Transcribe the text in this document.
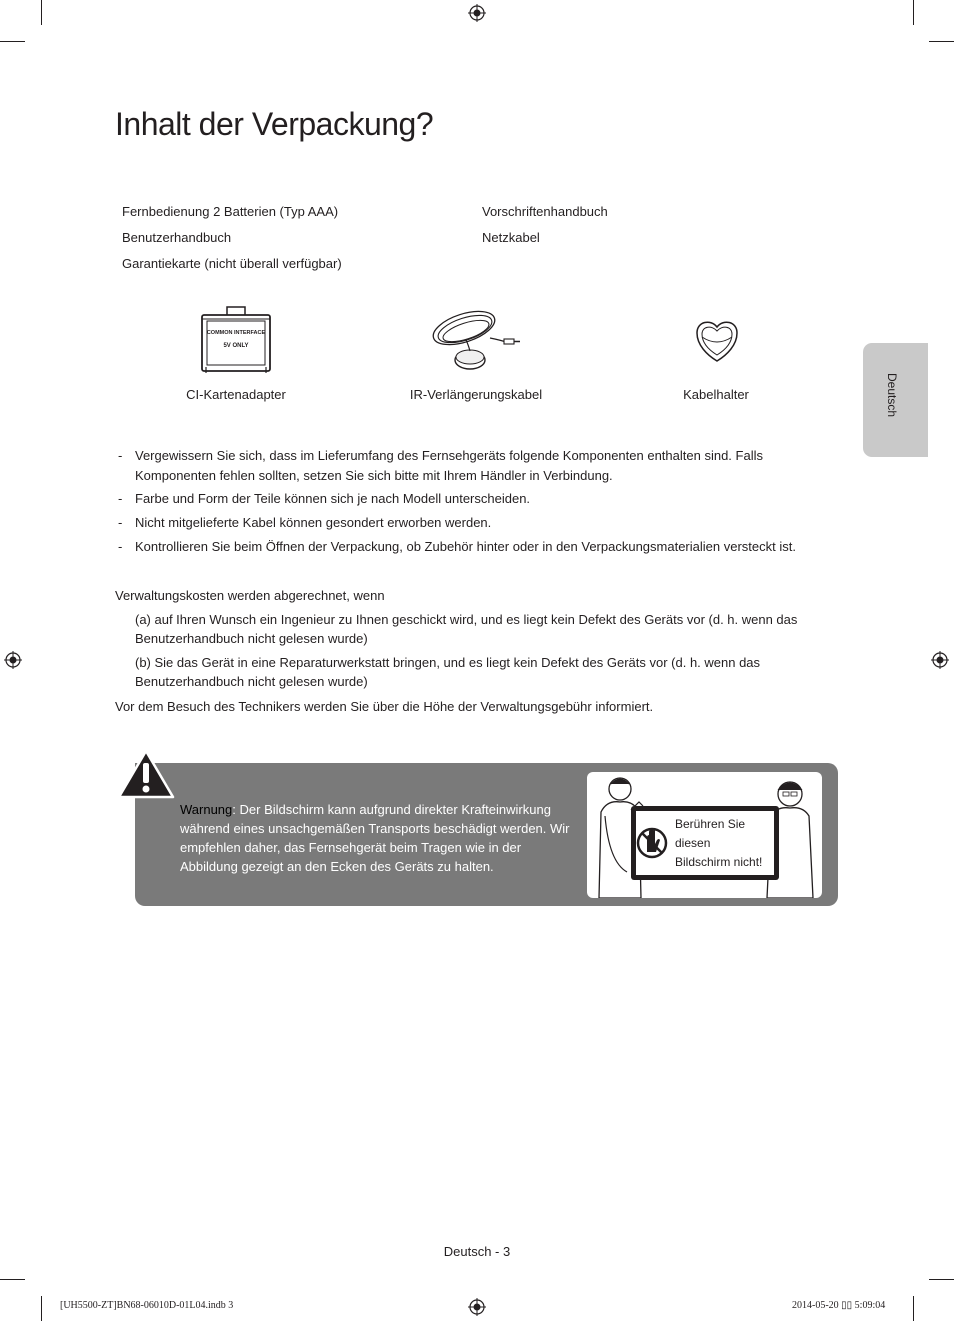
Inhalt der Verpackung?
Deutsch
Fernbedienung 2 Batterien (Typ AAA)
Benutzerhandbuch
Garantiekarte (nicht überall verfügbar)
Vorschriftenhandbuch
Netzkabel
COMMON INTERFACE
5V ONLY
CI-Kartenadapter	IR-Verlängerungskabel	Kabelhalter
- Vergewissern Sie sich, dass im Lieferumfang des Fernsehgeräts folgende Komponenten enthalten sind. Falls Komponenten fehlen sollten, setzen Sie sich bitte mit Ihrem Händler in Verbindung.
- Farbe und Form der Teile können sich je nach Modell unterscheiden.
- Nicht mitgelieferte Kabel können gesondert erworben werden.
- Kontrollieren Sie beim Öffnen der Verpackung, ob Zubehör hinter oder in den Verpackungsmaterialien versteckt ist.
Verwaltungskosten werden abgerechnet, wenn
(a) auf Ihren Wunsch ein Ingenieur zu Ihnen geschickt wird, und es liegt kein Defekt des Geräts vor (d. h. wenn das Benutzerhandbuch nicht gelesen wurde)
(b) Sie das Gerät in eine Reparaturwerkstatt bringen, und es liegt kein Defekt des Geräts vor (d. h. wenn das Benutzerhandbuch nicht gelesen wurde)
Vor dem Besuch des Technikers werden Sie über die Höhe der Verwaltungsgebühr informiert.
Warnung: Der Bildschirm kann aufgrund direkter Krafteinwirkung während eines unsachgemäßen Transports beschädigt werden. Wir empfehlen daher, das Fernsehgerät beim Tragen wie in der Abbildung gezeigt an den Ecken des Geräts zu halten.
Berühren Sie
diesen
Bildschirm nicht!
Deutsch - 3
[UH5500-ZT]BN68-06010D-01L04.indb 3	2014-05-20 ▯▯ 5:09:04
